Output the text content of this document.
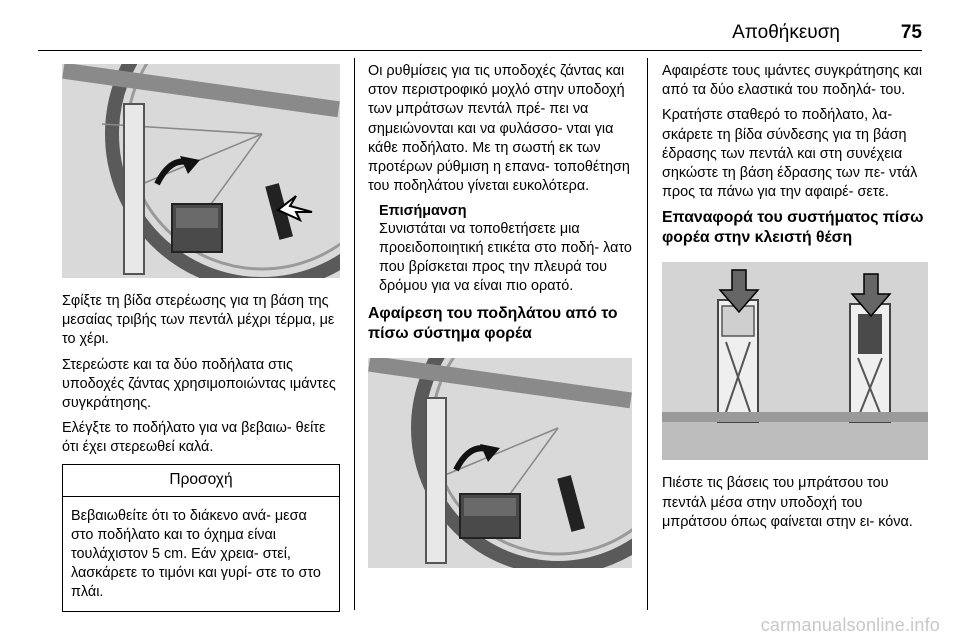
Αποθήκευση	75

Σφίξτε τη βίδα στερέωσης για τη βάση της μεσαίας τριβής των πεντάλ μέχρι τέρμα, με το χέρι.

Στερεώστε και τα δύο ποδήλατα στις υποδοχές ζάντας χρησιμοποιώντας ιμάντες συγκράτησης.

Ελέγξτε το ποδήλατο για να βεβαιω- θείτε ότι έχει στερεωθεί καλά.

Προσοχή
Βεβαιωθείτε ότι το διάκενο ανά- μεσα στο ποδήλατο και το όχημα είναι τουλάχιστον 5 cm. Εάν χρεια- στεί, λασκάρετε το τιμόνι και γυρί- στε το στο πλάι.

Οι ρυθμίσεις για τις υποδοχές ζάντας και στον περιστροφικό μοχλό στην υποδοχή των μπράτσων πεντάλ πρέ- πει να σημειώνονται και να φυλάσσο- νται για κάθε ποδήλατο. Με τη σωστή εκ των προτέρων ρύθμιση η επανα- τοποθέτηση του ποδηλάτου γίνεται ευκολότερα.

Επισήμανση
Συνιστάται να τοποθετήσετε μια προειδοποιητική ετικέτα στο ποδή- λατο που βρίσκεται προς την πλευρά του δρόμου για να είναι πιο ορατό.
Αφαίρεση του ποδηλάτου από το πίσω σύστημα φορέα

Αφαιρέστε τους ιμάντες συγκράτησης και από τα δύο ελαστικά του ποδηλά- του.

Κρατήστε σταθερό το ποδήλατο, λα- σκάρετε τη βίδα σύνδεσης για τη βάση έδρασης των πεντάλ και στη συνέχεια σηκώστε τη βάση έδρασης των πε- ντάλ προς τα πάνω για την αφαιρέ- σετε.

Επαναφορά του συστήματος πίσω φορέα στην κλειστή θέση

Πιέστε τις βάσεις του μπράτσου του πεντάλ μέσα στην υποδοχή του μπράτσου όπως φαίνεται στην ει- κόνα.

carmanualsonline.info
